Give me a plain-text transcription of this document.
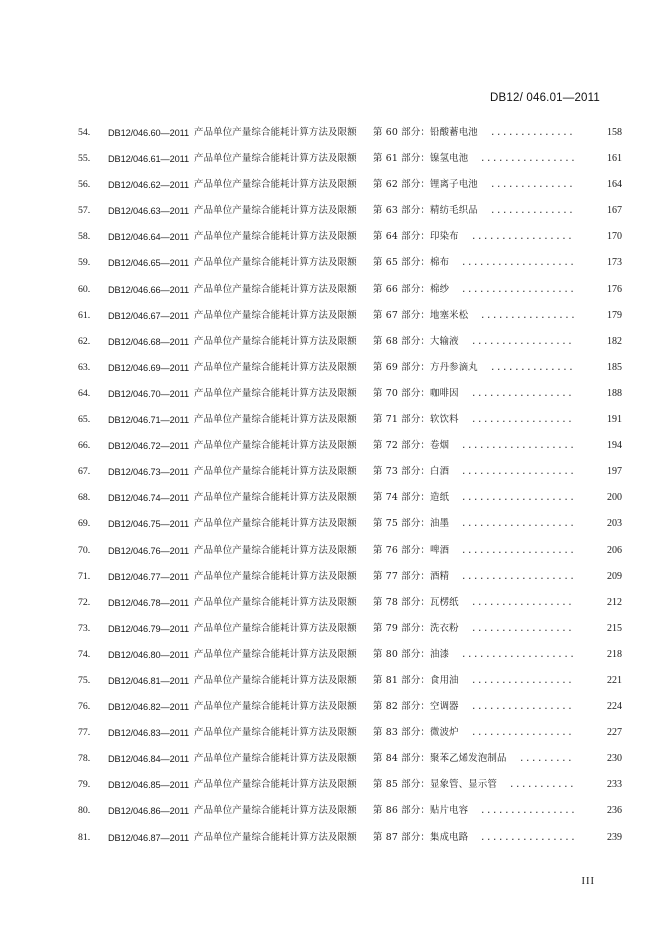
DB12/ 046.01—2011
54.	DB12/046.60—2011 产品单位产量综合能耗计算方法及限额 第 60 部分：铅酸蓄电池 ..............	158
55.	DB12/046.61—2011 产品单位产量综合能耗计算方法及限额 第 61 部分：镍氢电池 ................	161
56.	DB12/046.62—2011 产品单位产量综合能耗计算方法及限额 第 62 部分：锂离子电池 ..............	164
57.	DB12/046.63—2011 产品单位产量综合能耗计算方法及限额 第 63 部分：精纺毛织品 ..............	167
58.	DB12/046.64—2011 产品单位产量综合能耗计算方法及限额 第 64 部分：印染布 .................	170
59.	DB12/046.65—2011 产品单位产量综合能耗计算方法及限额 第 65 部分：棉布 ...................	173
60.	DB12/046.66—2011 产品单位产量综合能耗计算方法及限额 第 66 部分：棉纱 ...................	176
61.	DB12/046.67—2011 产品单位产量综合能耗计算方法及限额 第 67 部分：地塞米松 ................	179
62.	DB12/046.68—2011 产品单位产量综合能耗计算方法及限额 第 68 部分：大输液 .................	182
63.	DB12/046.69—2011 产品单位产量综合能耗计算方法及限额 第 69 部分：方丹参滴丸 ..............	185
64.	DB12/046.70—2011 产品单位产量综合能耗计算方法及限额 第 70 部分：咖啡因 .................	188
65.	DB12/046.71—2011 产品单位产量综合能耗计算方法及限额 第 71 部分：软饮料 .................	191
66.	DB12/046.72—2011 产品单位产量综合能耗计算方法及限额 第 72 部分：卷烟 ...................	194
67.	DB12/046.73—2011 产品单位产量综合能耗计算方法及限额 第 73 部分：白酒 ...................	197
68.	DB12/046.74—2011 产品单位产量综合能耗计算方法及限额 第 74 部分：造纸 ...................	200
69.	DB12/046.75—2011 产品单位产量综合能耗计算方法及限额 第 75 部分：油墨 ...................	203
70.	DB12/046.76—2011 产品单位产量综合能耗计算方法及限额 第 76 部分：啤酒 ...................	206
71.	DB12/046.77—2011 产品单位产量综合能耗计算方法及限额 第 77 部分：酒精 ...................	209
72.	DB12/046.78—2011 产品单位产量综合能耗计算方法及限额 第 78 部分：瓦楞纸 .................	212
73.	DB12/046.79—2011 产品单位产量综合能耗计算方法及限额 第 79 部分：洗衣粉 .................	215
74.	DB12/046.80—2011 产品单位产量综合能耗计算方法及限额 第 80 部分：油漆 ...................	218
75.	DB12/046.81—2011 产品单位产量综合能耗计算方法及限额 第 81 部分：食用油 .................	221
76.	DB12/046.82—2011 产品单位产量综合能耗计算方法及限额 第 82 部分：空调器 .................	224
77.	DB12/046.83—2011 产品单位产量综合能耗计算方法及限额 第 83 部分：微波炉 .................	227
78.	DB12/046.84—2011 产品单位产量综合能耗计算方法及限额 第 84 部分：聚苯乙烯发泡制品 .........	230
79.	DB12/046.85—2011 产品单位产量综合能耗计算方法及限额 第 85 部分：显象管、显示管 ...........	233
80.	DB12/046.86—2011 产品单位产量综合能耗计算方法及限额 第 86 部分：贴片电容 ................	236
81.	DB12/046.87—2011 产品单位产量综合能耗计算方法及限额 第 87 部分：集成电路 ................	239
III
